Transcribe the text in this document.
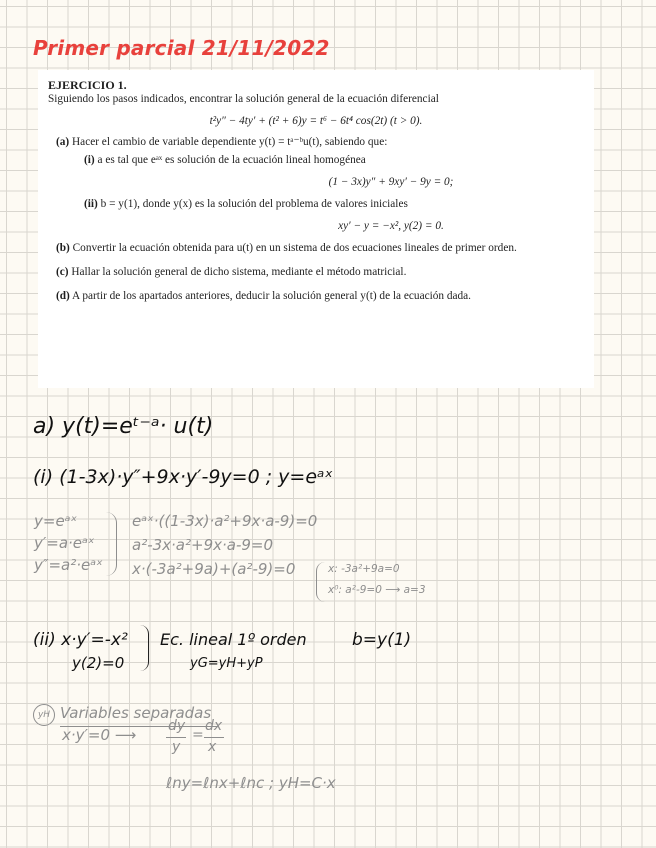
Primer parcial 21/11/2022
EJERCICIO 1.
Siguiendo los pasos indicados, encontrar la solución general de la ecuación diferencial
t²y″ − 4ty′ + (t² + 6)y = t⁶ − 6t⁴ cos(2t) (t > 0).
(a) Hacer el cambio de variable dependiente y(t) = tᵃ⁻ᵇu(t), sabiendo que:
(i) a es tal que eᵃˣ es solución de la ecuación lineal homogénea
(1 − 3x)y″ + 9xy′ − 9y = 0;
(ii) b = y(1), donde y(x) es la solución del problema de valores iniciales
xy′ − y = −x², y(2) = 0.
(b) Convertir la ecuación obtenida para u(t) en un sistema de dos ecuaciones lineales de primer orden.
(c) Hallar la solución general de dicho sistema, mediante el método matricial.
(d) A partir de los apartados anteriores, deducir la solución general y(t) de la ecuación dada.
a) y(t)=eᵗ⁻ᵃ· u(t)
(i) (1-3x)·y″+9x·y′-9y=0 ; y=eᵃˣ
y=eᵃˣ
y′=a·eᵃˣ
y″=a²·eᵃˣ
eᵃˣ·((1-3x)·a²+9x·a-9)=0
a²-3x·a²+9x·a-9=0
x·(-3a²+9a)+(a²-9)=0	x: -3a²+9a=0
x⁰: a²-9=0 ⟶ a=3
(ii) x·y′=-x²
y(2)=0
Ec. lineal 1º orden
yG=yH+yP
b=y(1)
yH Variables separadas
x·y′=0 ⟶ dy
y
=
dx
x
ℓny=ℓnx+ℓnc ; yH=C·x
